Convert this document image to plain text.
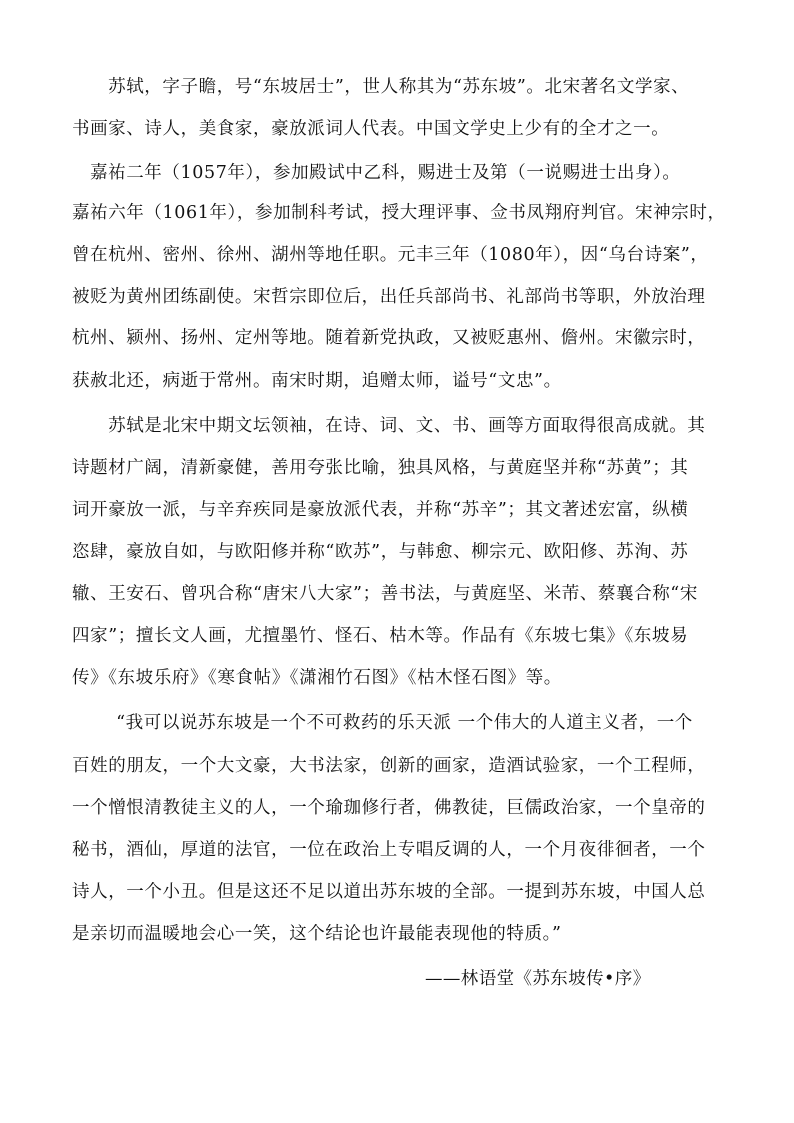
　苏轼，字子瞻，号“东坡居士”，世人称其为“苏东坡”。北宋著名文学家、
书画家、诗人，美食家，豪放派词人代表。中国文学史上少有的全才之一。
嘉祐二年（1057年），参加殿试中乙科，赐进士及第（一说赐进士出身）。
嘉祐六年（1061年），参加制科考试，授大理评事、佥书凤翔府判官。宋神宗时，
曾在杭州、密州、徐州、湖州等地任职。元丰三年（1080年），因“乌台诗案”，
被贬为黄州团练副使。宋哲宗即位后，出任兵部尚书、礼部尚书等职，外放治理
杭州、颍州、扬州、定州等地。随着新党执政，又被贬惠州、儋州。宋徽宗时，
获赦北还，病逝于常州。南宋时期，追赠太师，谥号“文忠”。
　苏轼是北宋中期文坛领袖，在诗、词、文、书、画等方面取得很高成就。其
诗题材广阔，清新豪健，善用夸张比喻，独具风格，与黄庭坚并称“苏黄”；其
词开豪放一派，与辛弃疾同是豪放派代表，并称“苏辛”；其文著述宏富，纵横
恣肆，豪放自如，与欧阳修并称“欧苏”，与韩愈、柳宗元、欧阳修、苏洵、苏
辙、王安石、曾巩合称“唐宋八大家”；善书法，与黄庭坚、米芾、蔡襄合称“宋
四家”；擅长文人画，尤擅墨竹、怪石、枯木等。作品有《东坡七集》《东坡易
传》《东坡乐府》《寒食帖》《潇湘竹石图》《枯木怪石图》等。
　“我可以说苏东坡是一个不可救药的乐天派 一个伟大的人道主义者，一个
百姓的朋友，一个大文豪，大书法家，创新的画家，造酒试验家，一个工程师，
一个憎恨清教徒主义的人，一个瑜珈修行者，佛教徒，巨儒政治家，一个皇帝的
秘书，酒仙，厚道的法官，一位在政治上专唱反调的人，一个月夜徘徊者，一个
诗人，一个小丑。但是这还不足以道出苏东坡的全部。一提到苏东坡，中国人总
是亲切而温暖地会心一笑，这个结论也许最能表现他的特质。”
——林语堂《苏东坡传•序》
